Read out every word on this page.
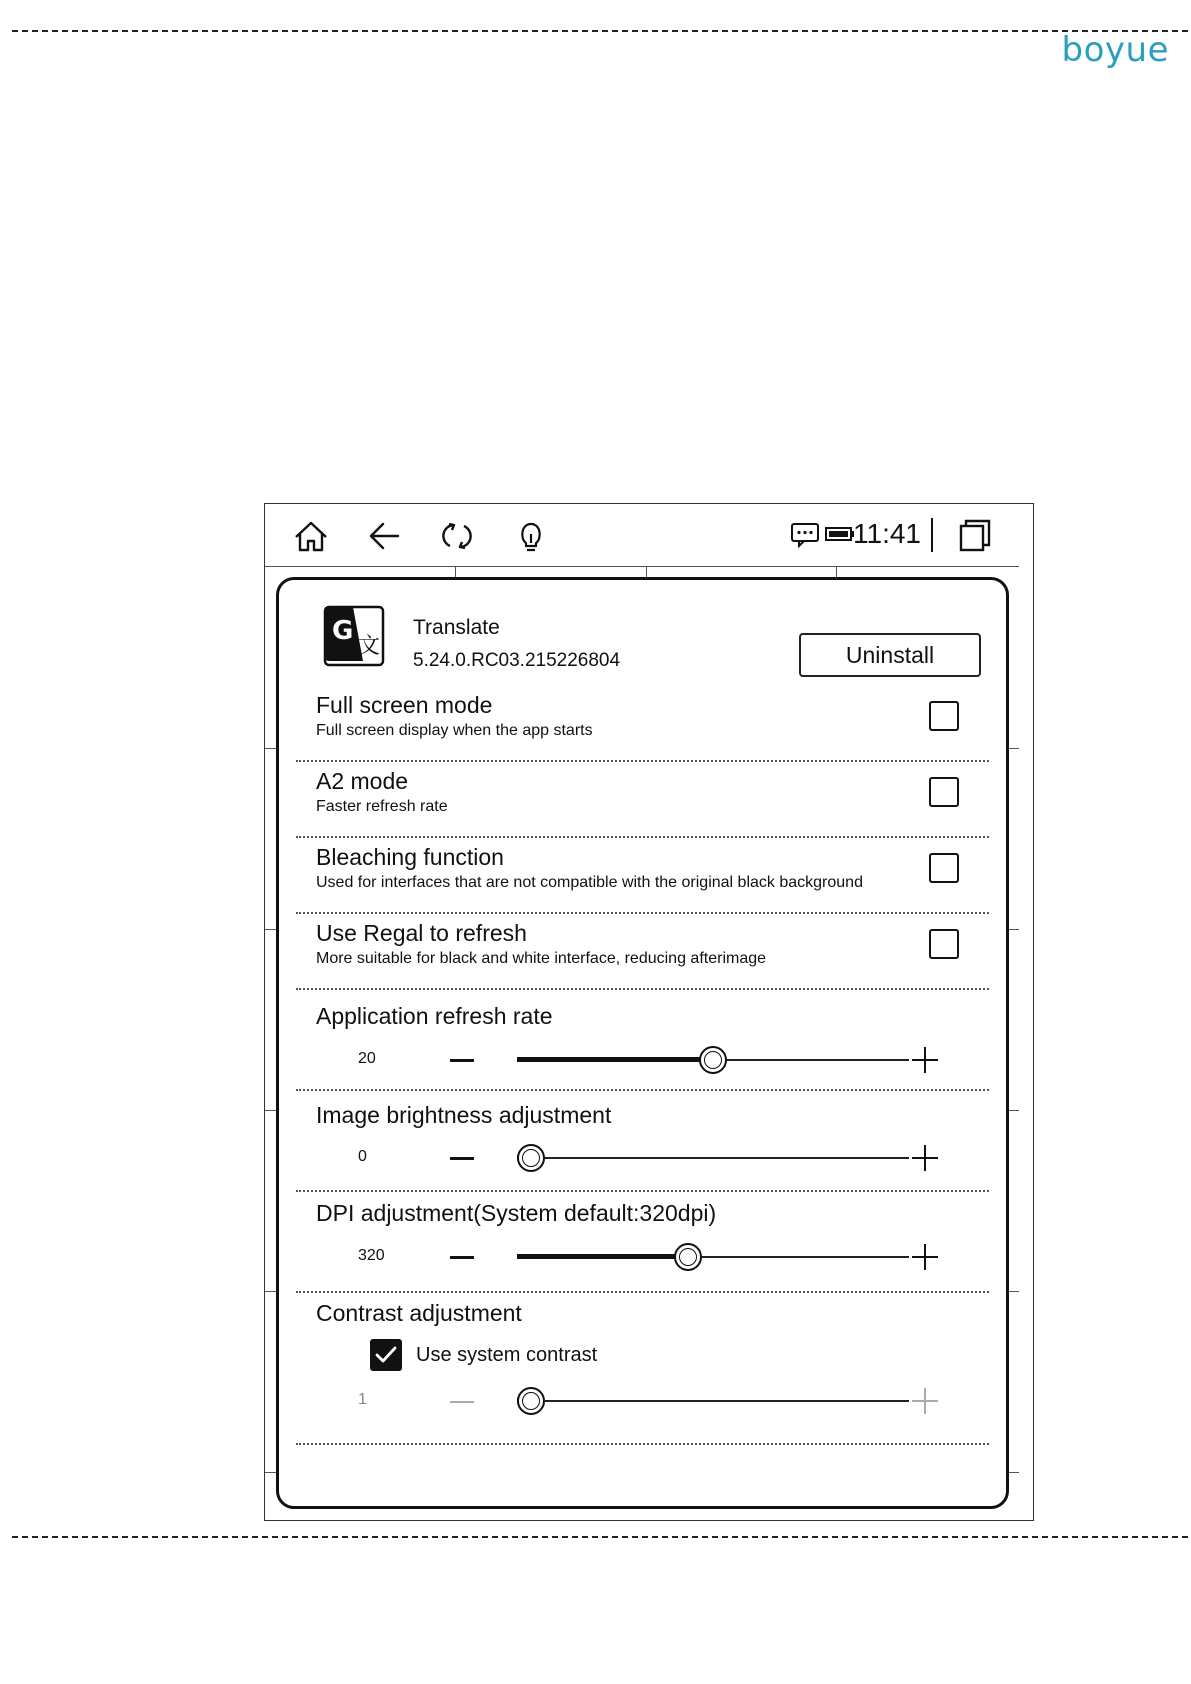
boyue
11:41
G
文
Translate
5.24.0.RC03.215226804	Uninstall
Full screen mode
Full screen display when the app starts
A2 mode
Faster refresh rate
Bleaching function
Used for interfaces that are not compatible with the original black background
Use Regal to refresh
More suitable for black and white interface, reducing afterimage
Application refresh rate
20
Image brightness adjustment
0
DPI adjustment(System default:320dpi)
320
Contrast adjustment
Use system contrast
1
